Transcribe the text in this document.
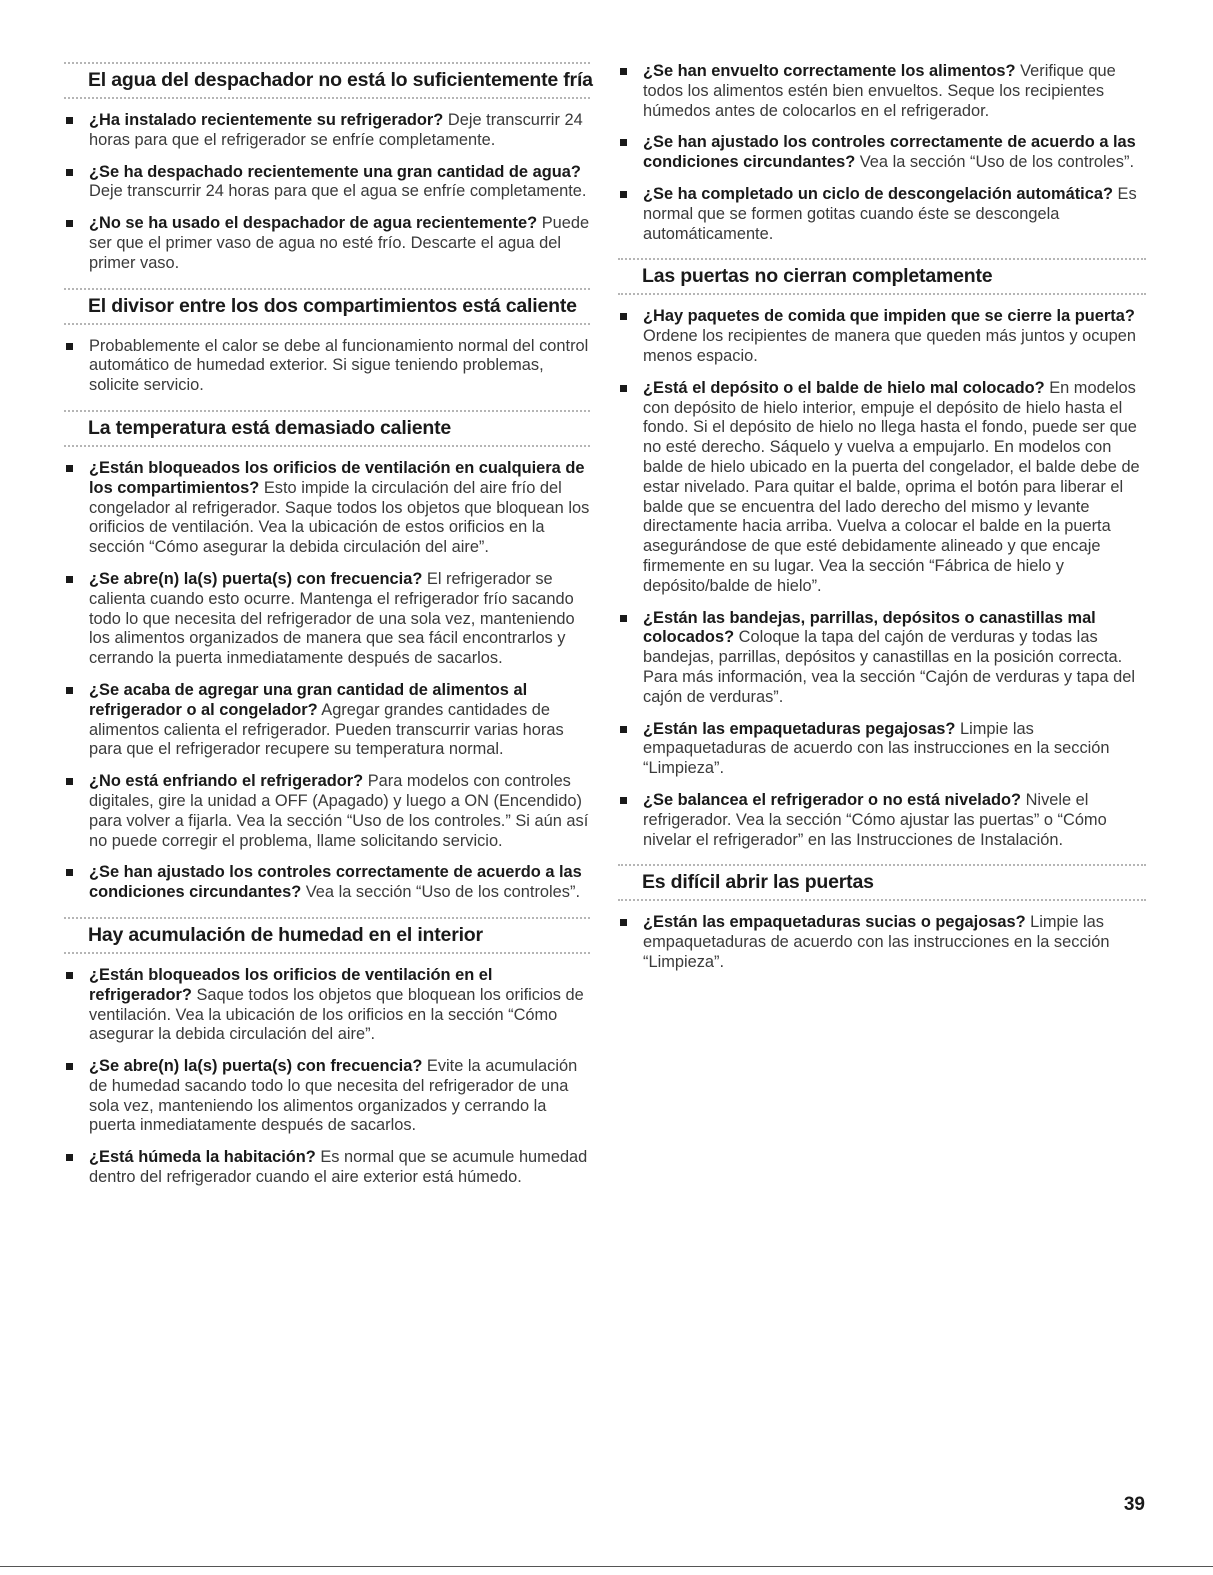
El agua del despachador no está lo suficientemente fría
¿Ha instalado recientemente su refrigerador? Deje transcurrir 24 horas para que el refrigerador se enfríe completamente.
¿Se ha despachado recientemente una gran cantidad de agua? Deje transcurrir 24 horas para que el agua se enfríe completamente.
¿No se ha usado el despachador de agua recientemente? Puede ser que el primer vaso de agua no esté frío. Descarte el agua del primer vaso.
El divisor entre los dos compartimientos está caliente
Probablemente el calor se debe al funcionamiento normal del control automático de humedad exterior. Si sigue teniendo problemas, solicite servicio.
La temperatura está demasiado caliente
¿Están bloqueados los orificios de ventilación en cualquiera de los compartimientos? Esto impide la circulación del aire frío del congelador al refrigerador. Saque todos los objetos que bloquean los orificios de ventilación. Vea la ubicación de estos orificios en la sección “Cómo asegurar la debida circulación del aire”.
¿Se abre(n) la(s) puerta(s) con frecuencia? El refrigerador se calienta cuando esto ocurre. Mantenga el refrigerador frío sacando todo lo que necesita del refrigerador de una sola vez, manteniendo los alimentos organizados de manera que sea fácil encontrarlos y cerrando la puerta inmediatamente después de sacarlos.
¿Se acaba de agregar una gran cantidad de alimentos al refrigerador o al congelador? Agregar grandes cantidades de alimentos calienta el refrigerador. Pueden transcurrir varias horas para que el refrigerador recupere su temperatura normal.
¿No está enfriando el refrigerador? Para modelos con controles digitales, gire la unidad a OFF (Apagado) y luego a ON (Encendido) para volver a fijarla. Vea la sección “Uso de los controles.” Si aún así no puede corregir el problema, llame solicitando servicio.
¿Se han ajustado los controles correctamente de acuerdo a las condiciones circundantes? Vea la sección “Uso de los controles”.
Hay acumulación de humedad en el interior
¿Están bloqueados los orificios de ventilación en el refrigerador? Saque todos los objetos que bloquean los orificios de ventilación. Vea la ubicación de los orificios en la sección “Cómo asegurar la debida circulación del aire”.
¿Se abre(n) la(s) puerta(s) con frecuencia? Evite la acumulación de humedad sacando todo lo que necesita del refrigerador de una sola vez, manteniendo los alimentos organizados y cerrando la puerta inmediatamente después de sacarlos.
¿Está húmeda la habitación? Es normal que se acumule humedad dentro del refrigerador cuando el aire exterior está húmedo.
¿Se han envuelto correctamente los alimentos? Verifique que todos los alimentos estén bien envueltos. Seque los recipientes húmedos antes de colocarlos en el refrigerador.
¿Se han ajustado los controles correctamente de acuerdo a las condiciones circundantes? Vea la sección “Uso de los controles”.
¿Se ha completado un ciclo de descongelación automática? Es normal que se formen gotitas cuando éste se descongela automáticamente.
Las puertas no cierran completamente
¿Hay paquetes de comida que impiden que se cierre la puerta? Ordene los recipientes de manera que queden más juntos y ocupen menos espacio.
¿Está el depósito o el balde de hielo mal colocado? En modelos con depósito de hielo interior, empuje el depósito de hielo hasta el fondo. Si el depósito de hielo no llega hasta el fondo, puede ser que no esté derecho. Sáquelo y vuelva a empujarlo. En modelos con balde de hielo ubicado en la puerta del congelador, el balde debe de estar nivelado. Para quitar el balde, oprima el botón para liberar el balde que se encuentra del lado derecho del mismo y levante directamente hacia arriba. Vuelva a colocar el balde en la puerta asegurándose de que esté debidamente alineado y que encaje firmemente en su lugar. Vea la sección “Fábrica de hielo y depósito/balde de hielo”.
¿Están las bandejas, parrillas, depósitos o canastillas mal colocados? Coloque la tapa del cajón de verduras y todas las bandejas, parrillas, depósitos y canastillas en la posición correcta. Para más información, vea la sección “Cajón de verduras y tapa del cajón de verduras”.
¿Están las empaquetaduras pegajosas? Limpie las empaquetaduras de acuerdo con las instrucciones en la sección “Limpieza”.
¿Se balancea el refrigerador o no está nivelado? Nivele el refrigerador. Vea la sección “Cómo ajustar las puertas” o “Cómo nivelar el refrigerador” en las Instrucciones de Instalación.
Es difícil abrir las puertas
¿Están las empaquetaduras sucias o pegajosas? Limpie las empaquetaduras de acuerdo con las instrucciones en la sección “Limpieza”.
39
